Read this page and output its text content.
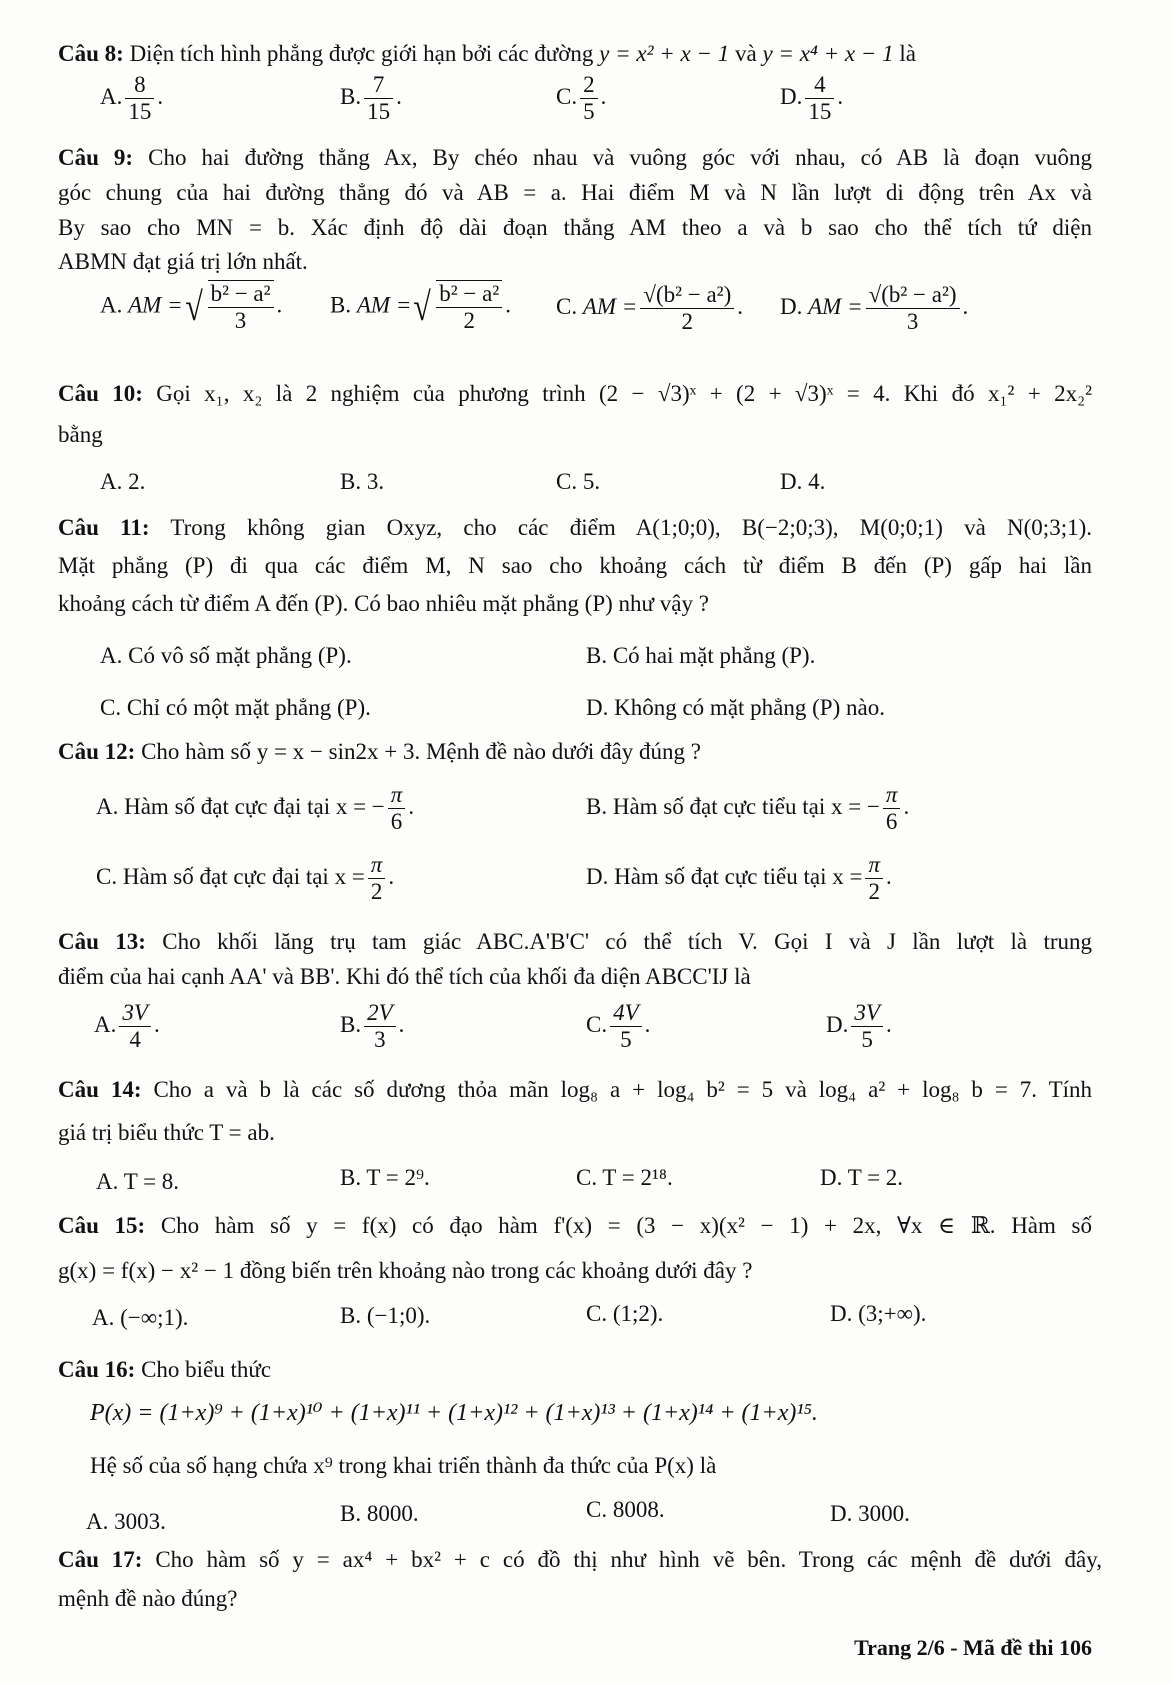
Câu 8: Diện tích hình phẳng được giới hạn bởi các đường y = x² + x − 1 và y = x⁴ + x − 1 là
A. $\frac{8}{15}$ .	B. $\frac{7}{15}$ .	C. $\frac{2}{5}$ .	D. $\frac{4}{15}$ .
Câu 9: Cho hai đường thẳng Ax, By chéo nhau và vuông góc với nhau, có AB là đoạn vuông
góc chung của hai đường thẳng đó và AB = a. Hai điểm M và N lần lượt di động trên Ax và
By sao cho MN = b. Xác định độ dài đoạn thẳng AM theo a và b sao cho thể tích tứ diện
ABMN đạt giá trị lớn nhất.
A. AM =√ $\frac{\text{b² − a²}}{3}$ . B. AM =√ $\frac{\text{b² − a²}}{2}$ . C. AM = $\frac{\text{√(b² − a²)}}{2}$ . D. AM = $\frac{\text{√(b² − a²)}}{3}$ .
Câu 10: Gọi x₁, x₂ là 2 nghiệm của phương trình (2 − √3)ˣ + (2 + √3)ˣ = 4. Khi đó x₁² + 2x₂²
bằng
A. 2.	B. 3.	C. 5.	D. 4.
Câu 11: Trong không gian Oxyz, cho các điểm A(1;0;0), B(−2;0;3), M(0;0;1) và N(0;3;1).
Mặt phẳng (P) đi qua các điểm M, N sao cho khoảng cách từ điểm B đến (P) gấp hai lần
khoảng cách từ điểm A đến (P). Có bao nhiêu mặt phẳng (P) như vậy ?
A. Có vô số mặt phẳng (P).	B. Có hai mặt phẳng (P).
C. Chỉ có một mặt phẳng (P).	D. Không có mặt phẳng (P) nào.
Câu 12: Cho hàm số y = x − sin2x + 3. Mệnh đề nào dưới đây đúng ?
A. Hàm số đạt cực đại tại x = − $\frac{\pi}{6}$ .	B. Hàm số đạt cực tiểu tại x = − $\frac{\pi}{6}$ .
C. Hàm số đạt cực đại tại $x = \frac{\pi}{2}$ .	D. Hàm số đạt cực tiểu tại $x = \frac{\pi}{2}$ .
Câu 13: Cho khối lăng trụ tam giác ABC.A'B'C' có thể tích V. Gọi I và J lần lượt là trung
điểm của hai cạnh AA' và BB'. Khi đó thể tích của khối đa diện ABCC'IJ là
A. $\frac{3V}{4}$ .	B. $\frac{2V}{3}$ .	C. $\frac{4V}{5}$ .	D. $\frac{3V}{5}$ .
Câu 14: Cho a và b là các số dương thỏa mãn log₈ a + log₄ b² = 5 và log₄ a² + log₈ b = 7. Tính
giá trị biểu thức T = ab.
A. T = 8.	B. T = 2⁹.	C. T = 2¹⁸.	D. T = 2.
Câu 15: Cho hàm số y = f(x) có đạo hàm f'(x) = (3 − x)(x² − 1) + 2x, ∀x ∈ ℝ. Hàm số
g(x) = f(x) − x² − 1 đồng biến trên khoảng nào trong các khoảng dưới đây ?
A. (−∞;1).	B. (−1;0).	C. (1;2).	D. (3;+∞).
Câu 16: Cho biểu thức
P(x) = (1+x)⁹ + (1+x)¹⁰ + (1+x)¹¹ + (1+x)¹² + (1+x)¹³ + (1+x)¹⁴ + (1+x)¹⁵.
Hệ số của số hạng chứa x⁹ trong khai triển thành đa thức của P(x) là
A. 3003.	B. 8000.	C. 8008.	D. 3000.
Câu 17: Cho hàm số y = ax⁴ + bx² + c có đồ thị như hình vẽ bên. Trong các mệnh đề dưới đây,
mệnh đề nào đúng?
Trang 2/6 - Mã đề thi 106
